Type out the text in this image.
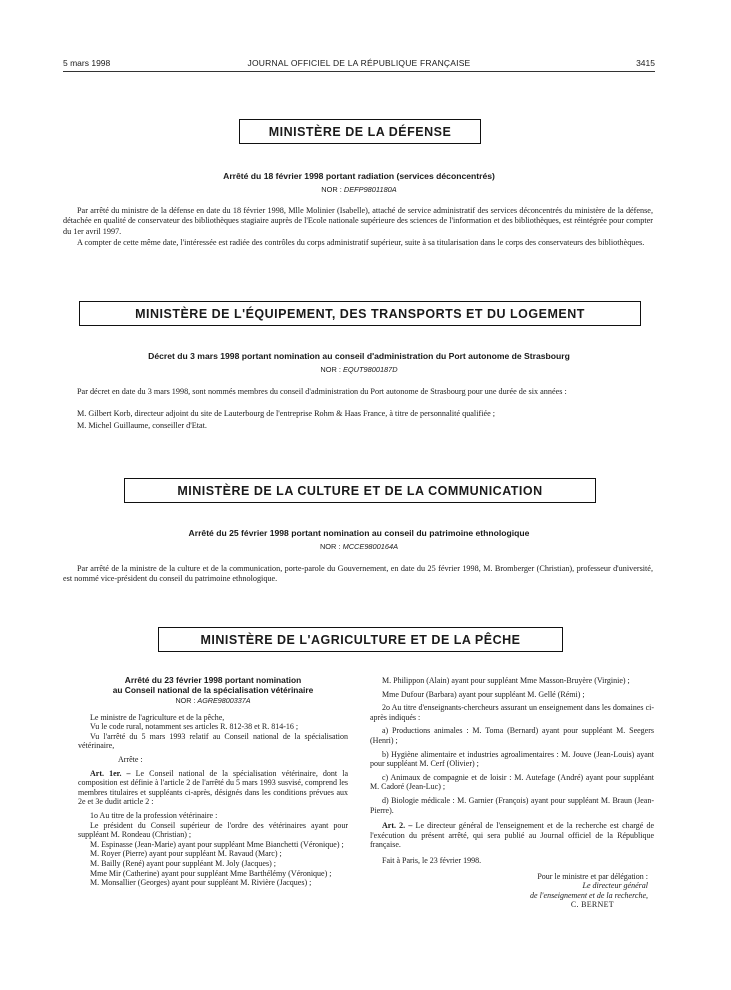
5 mars 1998	JOURNAL OFFICIEL DE LA RÉPUBLIQUE FRANÇAISE	3415
MINISTÈRE DE LA DÉFENSE
Arrêté du 18 février 1998 portant radiation (services déconcentrés)
NOR : DEFP9801180A

Par arrêté du ministre de la défense en date du 18 février 1998, Mlle Molinier (Isabelle), attaché de service administratif des services déconcentrés du ministère de la défense, détachée en qualité de conservateur des bibliothèques stagiaire auprès de l'Ecole nationale supérieure des sciences de l'information et des bibliothèques, est réintégrée pour compter du 1er avril 1997.

A compter de cette même date, l'intéressée est radiée des contrôles du corps administratif supérieur, suite à sa titularisation dans le corps des conservateurs des bibliothèques.

MINISTÈRE DE L'ÉQUIPEMENT, DES TRANSPORTS ET DU LOGEMENT
Décret du 3 mars 1998 portant nomination au conseil d'administration du Port autonome de Strasbourg
NOR : EQUT9800187D

Par décret en date du 3 mars 1998, sont nommés membres du conseil d'administration du Port autonome de Strasbourg pour une durée de six années :

M. Gilbert Korb, directeur adjoint du site de Lauterbourg de l'entreprise Rohm & Haas France, à titre de personnalité qualifiée ;

M. Michel Guillaume, conseiller d'Etat.

MINISTÈRE DE LA CULTURE ET DE LA COMMUNICATION
Arrêté du 25 février 1998 portant nomination au conseil du patrimoine ethnologique
NOR : MCCE9800164A

Par arrêté de la ministre de la culture et de la communication, porte-parole du Gouvernement, en date du 25 février 1998, M. Bromberger (Christian), professeur d'université, est nommé vice-président du conseil du patrimoine ethnologique.

MINISTÈRE DE L'AGRICULTURE ET DE LA PÊCHE

Arrêté du 23 février 1998 portant nomination

au Conseil national de la spécialisation vétérinaire

NOR : AGRE9800337A

Le ministre de l'agriculture et de la pêche,

Vu le code rural, notamment ses articles R. 812-38 et R. 814-16 ;

Vu l'arrêté du 5 mars 1993 relatif au Conseil national de la spécialisation vétérinaire,

Arrête :

Art. 1er. – Le Conseil national de la spécialisation vétérinaire, dont la composition est définie à l'article 2 de l'arrêté du 5 mars 1993 susvisé, comprend les membres titulaires et suppléants ci-après, désignés dans les conditions prévues aux 2e et 3e dudit article 2 :

1o Au titre de la profession vétérinaire :

Le président du Conseil supérieur de l'ordre des vétérinaires ayant pour suppléant M. Rondeau (Christian) ;

M. Espinasse (Jean-Marie) ayant pour suppléant Mme Bianchetti (Véronique) ;

M. Royer (Pierre) ayant pour suppléant M. Ravaud (Marc) ;

M. Bailly (René) ayant pour suppléant M. Joly (Jacques) ;

Mme Mir (Catherine) ayant pour suppléant Mme Barthélémy (Véronique) ;

M. Monsallier (Georges) ayant pour suppléant M. Rivière (Jacques) ;

M. Philippon (Alain) ayant pour suppléant Mme Masson-Bruyère (Virginie) ;

Mme Dufour (Barbara) ayant pour suppléant M. Gellé (Rémi) ;

2o Au titre d'enseignants-chercheurs assurant un enseignement dans les domaines ci-après indiqués :

a) Productions animales : M. Toma (Bernard) ayant pour suppléant M. Seegers (Henri) ;

b) Hygiène alimentaire et industries agroalimentaires : M. Jouve (Jean-Louis) ayant pour suppléant M. Cerf (Olivier) ;

c) Animaux de compagnie et de loisir : M. Autefage (André) ayant pour suppléant M. Cadoré (Jean-Luc) ;

d) Biologie médicale : M. Garnier (François) ayant pour suppléant M. Braun (Jean-Pierre).

Art. 2. – Le directeur général de l'enseignement et de la recherche est chargé de l'exécution du présent arrêté, qui sera publié au Journal officiel de la République française.

Fait à Paris, le 23 février 1998.

Pour le ministre et par délégation :

Le directeur général

de l'enseignement et de la recherche,

C. BERNET
